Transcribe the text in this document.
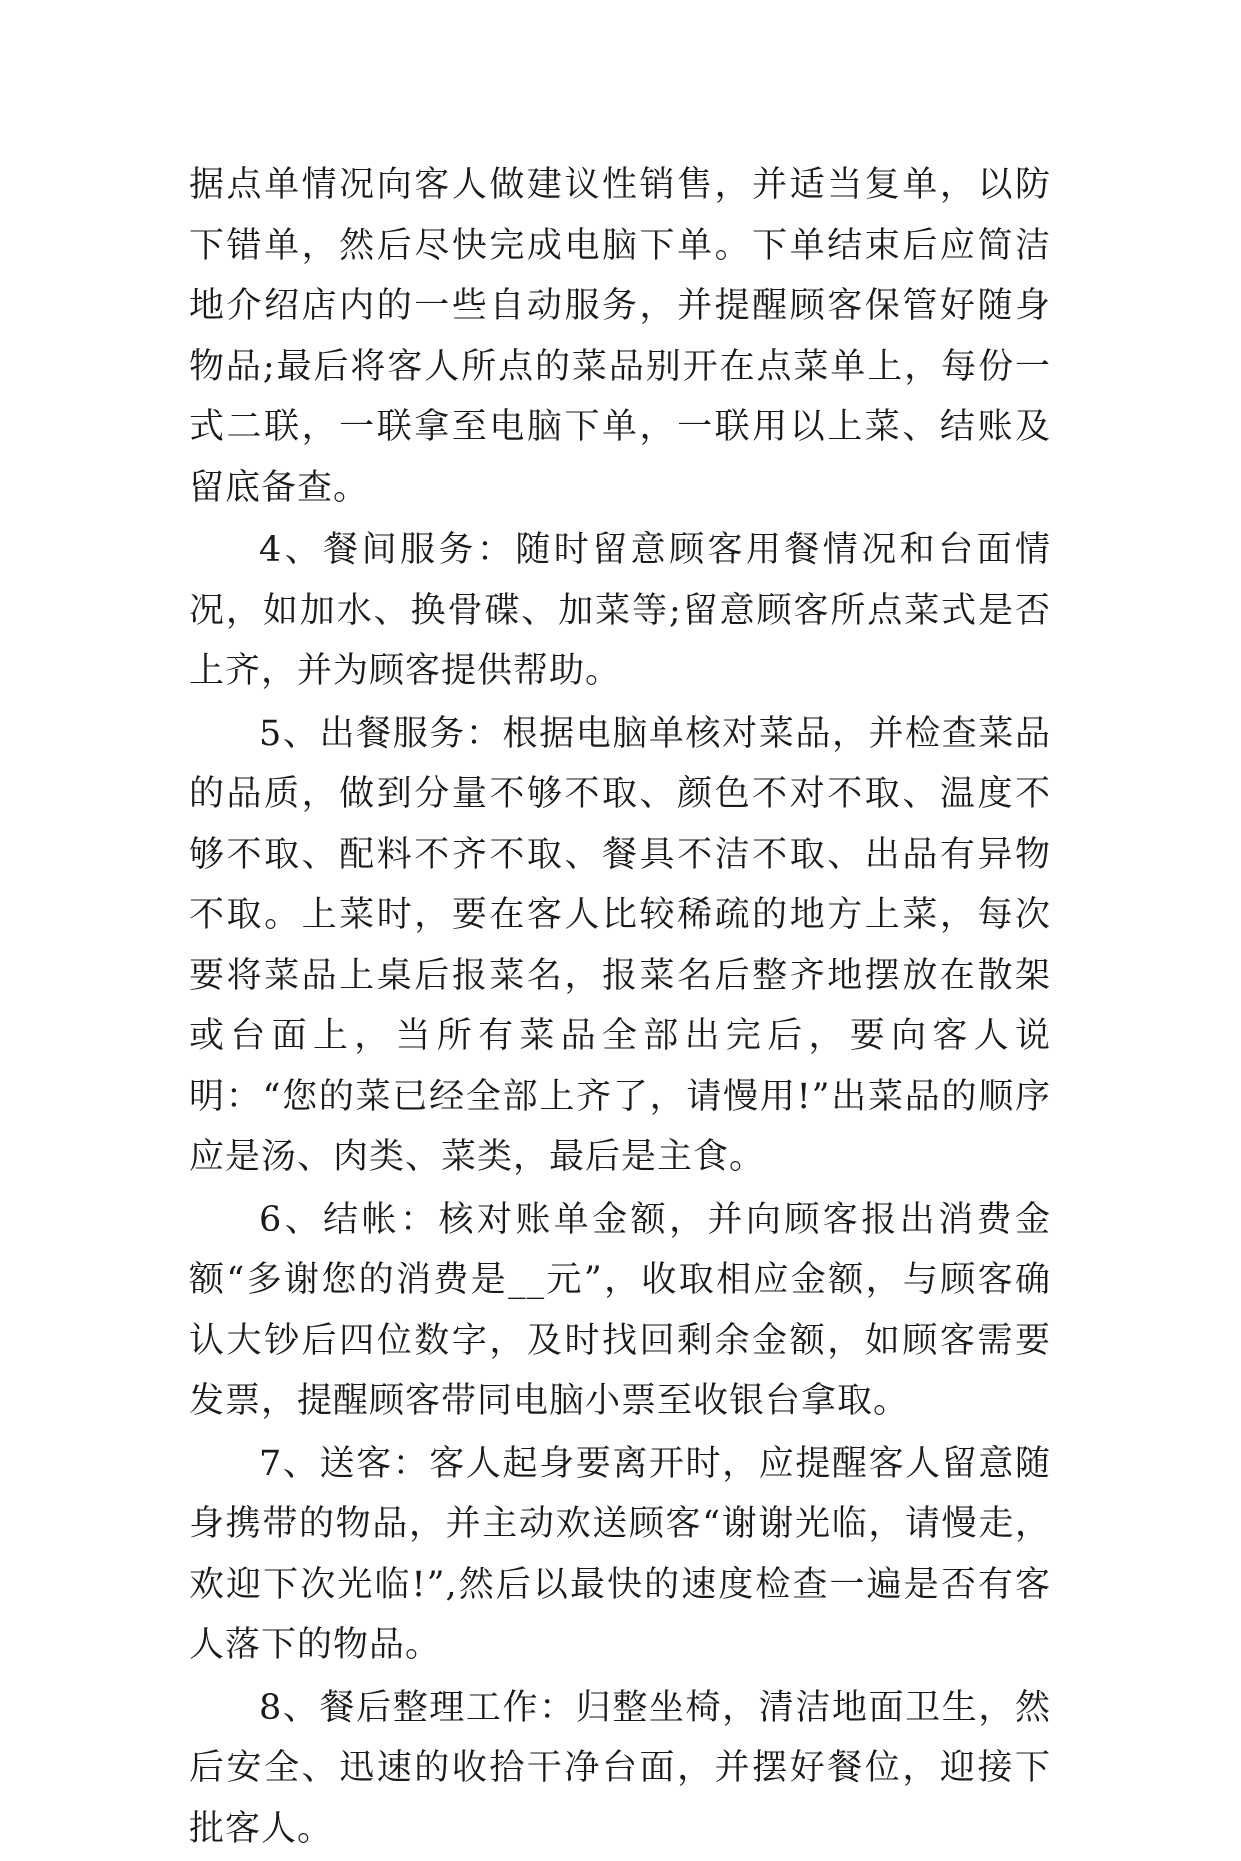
据点单情况向客人做建议性销售，并适当复单，以防下错单，然后尽快完成电脑下单。下单结束后应简洁地介绍店内的一些自动服务，并提醒顾客保管好随身物品;最后将客人所点的菜品别开在点菜单上，每份一式二联，一联拿至电脑下单，一联用以上菜、结账及留底备查。

4、餐间服务：随时留意顾客用餐情况和台面情况，如加水、换骨碟、加菜等;留意顾客所点菜式是否上齐，并为顾客提供帮助。

5、出餐服务：根据电脑单核对菜品，并检查菜品的品质，做到分量不够不取、颜色不对不取、温度不够不取、配料不齐不取、餐具不洁不取、出品有异物不取。上菜时，要在客人比较稀疏的地方上菜，每次要将菜品上桌后报菜名，报菜名后整齐地摆放在散架或台面上，当所有菜品全部出完后，要向客人说明：“您的菜已经全部上齐了，请慢用!”出菜品的顺序应是汤、肉类、菜类，最后是主食。

6、结帐：核对账单金额，并向顾客报出消费金额“多谢您的消费是__元”，收取相应金额，与顾客确认大钞后四位数字，及时找回剩余金额，如顾客需要发票，提醒顾客带同电脑小票至收银台拿取。

7、送客：客人起身要离开时，应提醒客人留意随身携带的物品，并主动欢送顾客“谢谢光临，请慢走，欢迎下次光临!”,然后以最快的速度检查一遍是否有客人落下的物品。

8、餐后整理工作：归整坐椅，清洁地面卫生，然后安全、迅速的收拾干净台面，并摆好餐位，迎接下批客人。
